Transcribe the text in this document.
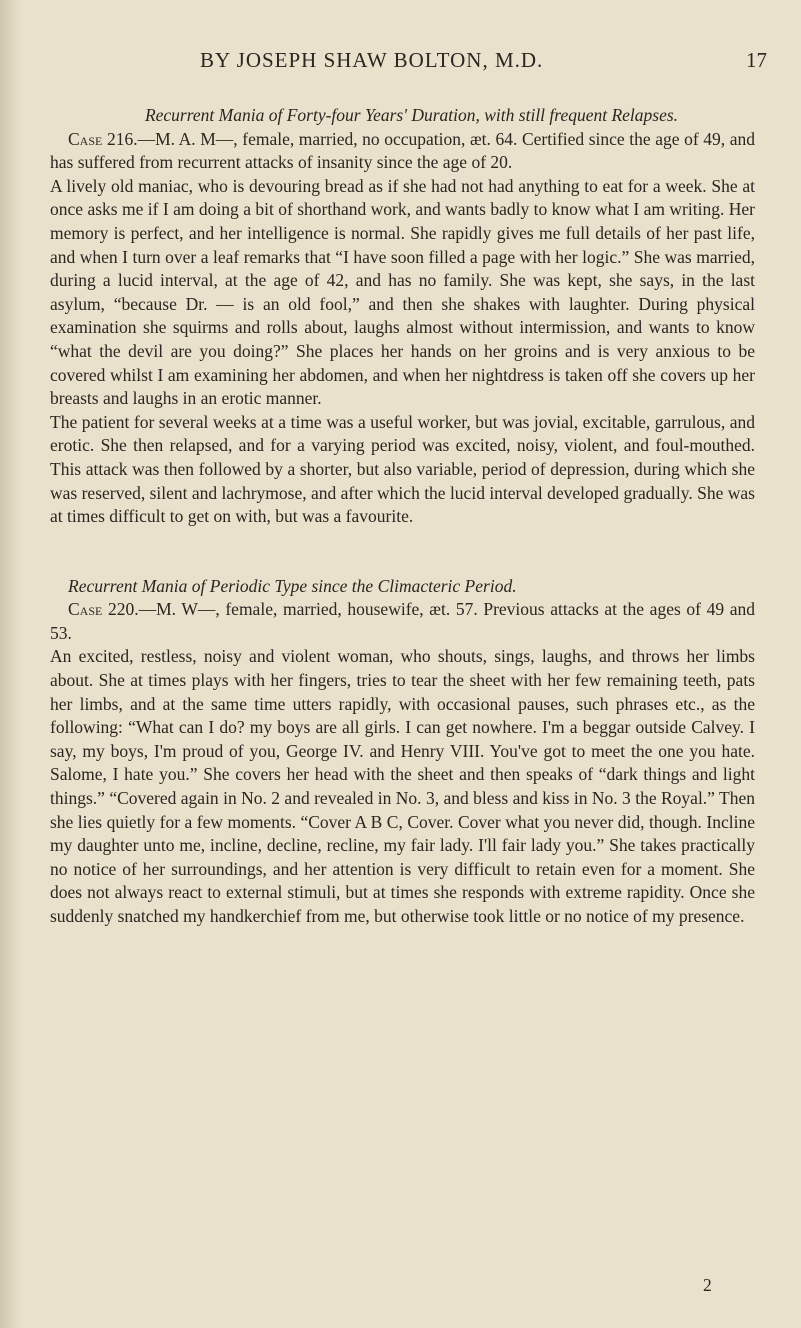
BY JOSEPH SHAW BOLTON, M.D.	17

Recurrent Mania of Forty-four Years' Duration, with still frequent Relapses.

Case 216.—M. A. M—, female, married, no occupation, æt. 64. Certified since the age of 49, and has suffered from recurrent attacks of insanity since the age of 20.

A lively old maniac, who is devouring bread as if she had not had anything to eat for a week. She at once asks me if I am doing a bit of shorthand work, and wants badly to know what I am writing. Her memory is perfect, and her intelligence is normal. She rapidly gives me full details of her past life, and when I turn over a leaf remarks that “I have soon filled a page with her logic.” She was married, during a lucid interval, at the age of 42, and has no family. She was kept, she says, in the last asylum, “because Dr. — is an old fool,” and then she shakes with laughter. During physical examination she squirms and rolls about, laughs almost without intermission, and wants to know “what the devil are you doing?” She places her hands on her groins and is very anxious to be covered whilst I am examining her abdomen, and when her nightdress is taken off she covers up her breasts and laughs in an erotic manner.

The patient for several weeks at a time was a useful worker, but was jovial, excitable, garrulous, and erotic. She then relapsed, and for a varying period was excited, noisy, violent, and foul-mouthed. This attack was then followed by a shorter, but also variable, period of depression, during which she was reserved, silent and lachrymose, and after which the lucid interval developed gradually. She was at times difficult to get on with, but was a favourite.

Recurrent Mania of Periodic Type since the Climacteric Period.

Case 220.—M. W—, female, married, housewife, æt. 57. Previous attacks at the ages of 49 and 53.

An excited, restless, noisy and violent woman, who shouts, sings, laughs, and throws her limbs about. She at times plays with her fingers, tries to tear the sheet with her few remaining teeth, pats her limbs, and at the same time utters rapidly, with occasional pauses, such phrases etc., as the following: “What can I do? my boys are all girls. I can get nowhere. I'm a beggar outside Calvey. I say, my boys, I'm proud of you, George IV. and Henry VIII. You've got to meet the one you hate. Salome, I hate you.” She covers her head with the sheet and then speaks of “dark things and light things.” “Covered again in No. 2 and revealed in No. 3, and bless and kiss in No. 3 the Royal.” Then she lies quietly for a few moments. “Cover A B C, Cover. Cover what you never did, though. Incline my daughter unto me, incline, decline, recline, my fair lady. I'll fair lady you.” She takes practically no notice of her surroundings, and her attention is very difficult to retain even for a moment. She does not always react to external stimuli, but at times she responds with extreme rapidity. Once she suddenly snatched my handkerchief from me, but otherwise took little or no notice of my presence.

2
